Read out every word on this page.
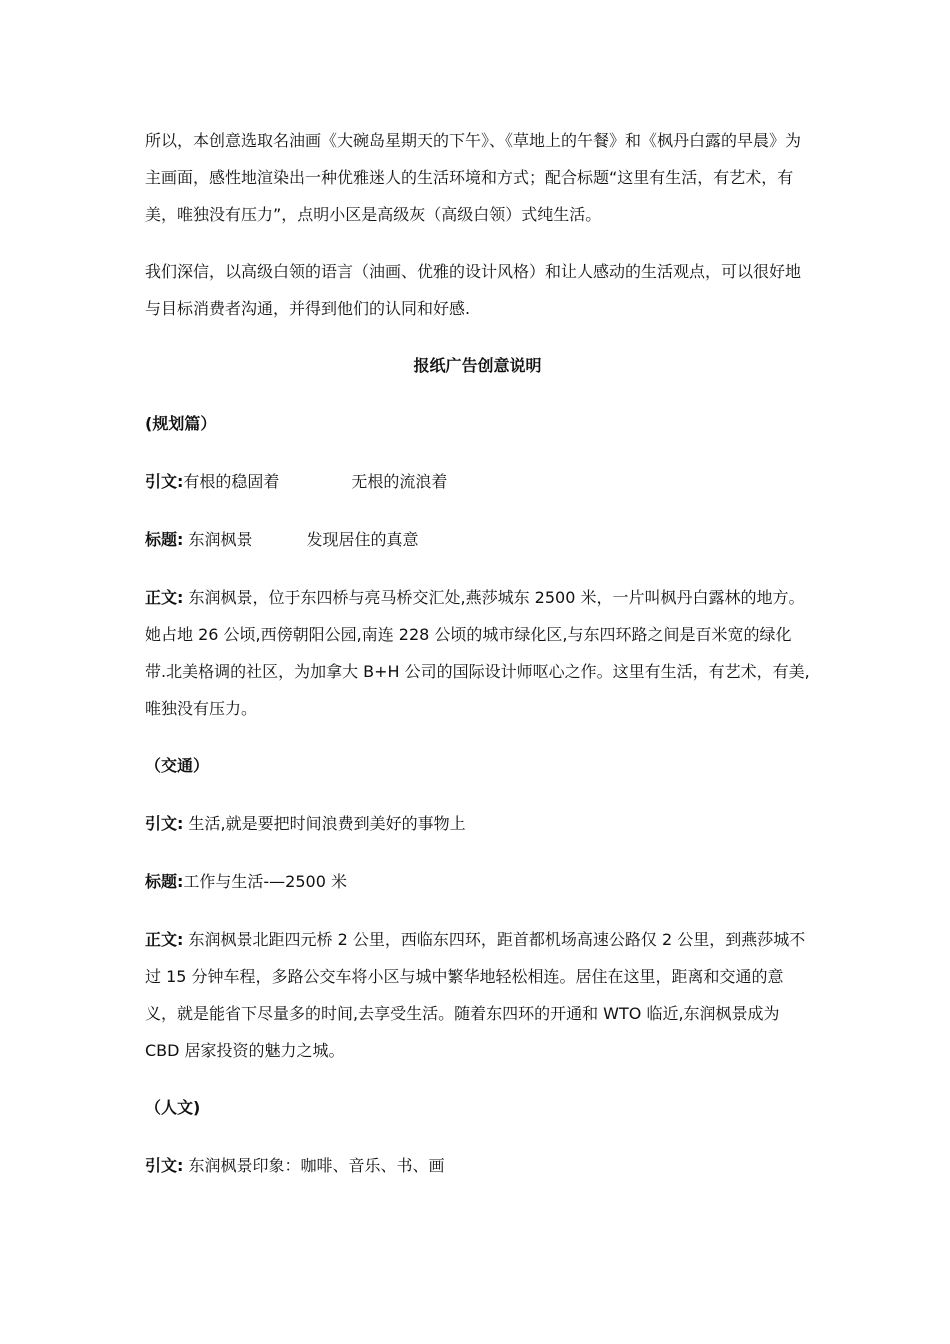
所以，本创意选取名油画《大碗岛星期天的下午》、《草地上的午餐》和《枫丹白露的早晨》为主画面，感性地渲染出一种优雅迷人的生活环境和方式；配合标题“这里有生活，有艺术，有美，唯独没有压力”，点明小区是高级灰（高级白领）式纯生活。

我们深信，以高级白领的语言（油画、优雅的设计风格）和让人感动的生活观点，可以很好地与目标消费者沟通，并得到他们的认同和好感.

报纸广告创意说明

(规划篇）

引文:有根的稳固着	无根的流浪着

标题: 东润枫景	发现居住的真意

正文: 东润枫景，位于东四桥与亮马桥交汇处,燕莎城东 2500 米，一片叫枫丹白露林的地方。她占地 26 公顷,西傍朝阳公园,南连 228 公顷的城市绿化区,与东四环路之间是百米宽的绿化带.北美格调的社区，为加拿大 B+H 公司的国际设计师呕心之作。这里有生活，有艺术，有美,唯独没有压力。

（交通）

引文: 生活,就是要把时间浪费到美好的事物上

标题:工作与生活-—2500 米

正文: 东润枫景北距四元桥 2 公里，西临东四环，距首都机场高速公路仅 2 公里，到燕莎城不过 15 分钟车程，多路公交车将小区与城中繁华地轻松相连。居住在这里，距离和交通的意义，就是能省下尽量多的时间,去享受生活。随着东四环的开通和 WTO 临近,东润枫景成为 CBD 居家投资的魅力之城。

（人文)

引文: 东润枫景印象：咖啡、音乐、书、画
